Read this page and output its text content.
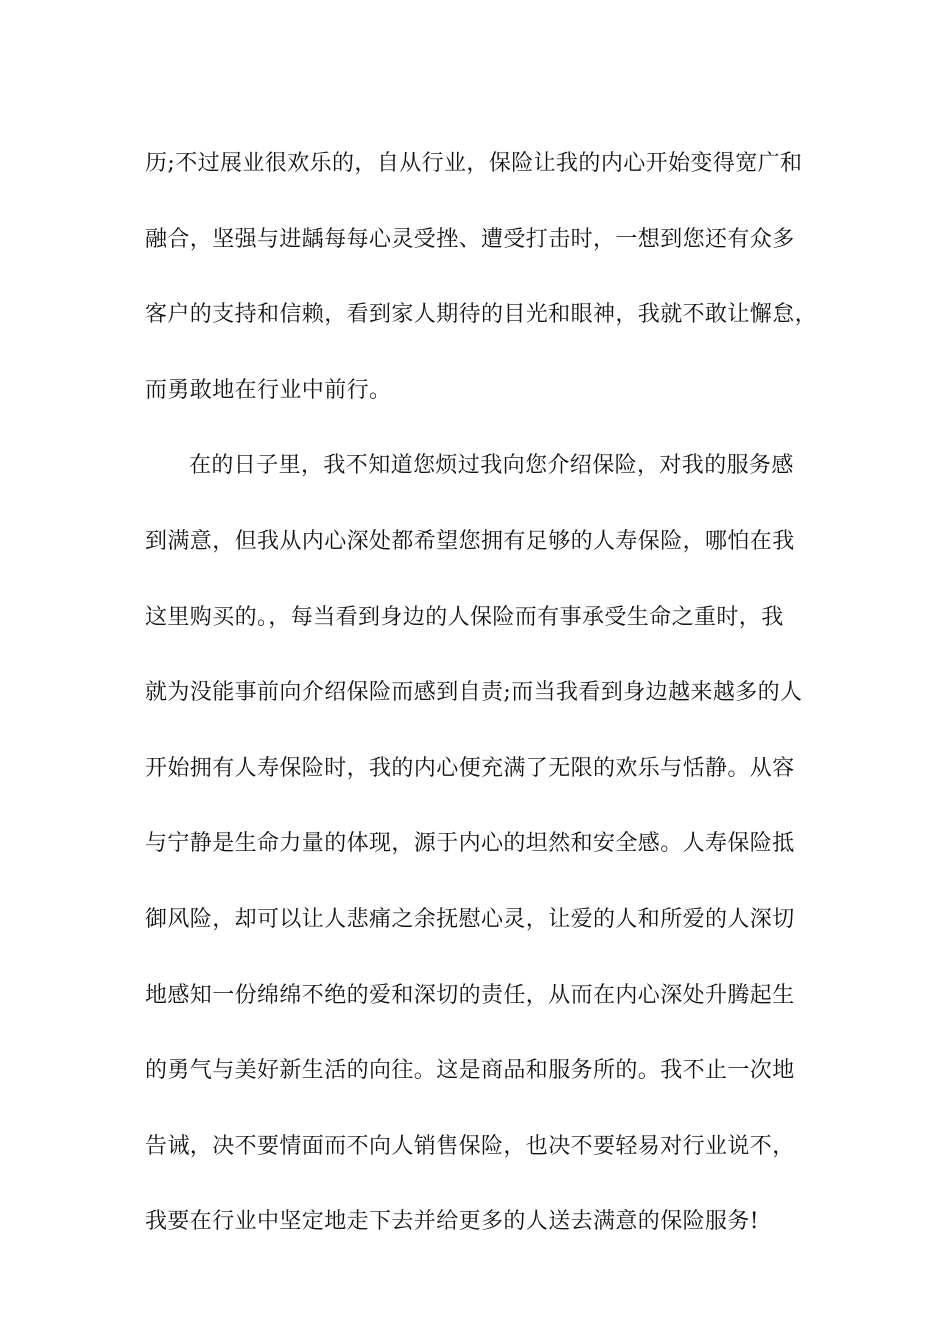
历;不过展业很欢乐的，自从行业，保险让我的内心开始变得宽广和
融合，坚强与进龋每每心灵受挫、遭受打击时，一想到您还有众多
客户的支持和信赖，看到家人期待的目光和眼神，我就不敢让懈怠，
而勇敢地在行业中前行。
在的日子里，我不知道您烦过我向您介绍保险，对我的服务感
到满意，但我从内心深处都希望您拥有足够的人寿保险，哪怕在我
这里购买的。，每当看到身边的人保险而有事承受生命之重时，我
就为没能事前向介绍保险而感到自责;而当我看到身边越来越多的人
开始拥有人寿保险时，我的内心便充满了无限的欢乐与恬静。从容
与宁静是生命力量的体现，源于内心的坦然和安全感。人寿保险抵
御风险，却可以让人悲痛之余抚慰心灵，让爱的人和所爱的人深切
地感知一份绵绵不绝的爱和深切的责任，从而在内心深处升腾起生
的勇气与美好新生活的向往。这是商品和服务所的。我不止一次地
告诫，决不要情面而不向人销售保险，也决不要轻易对行业说不，
我要在行业中坚定地走下去并给更多的人送去满意的保险服务!
